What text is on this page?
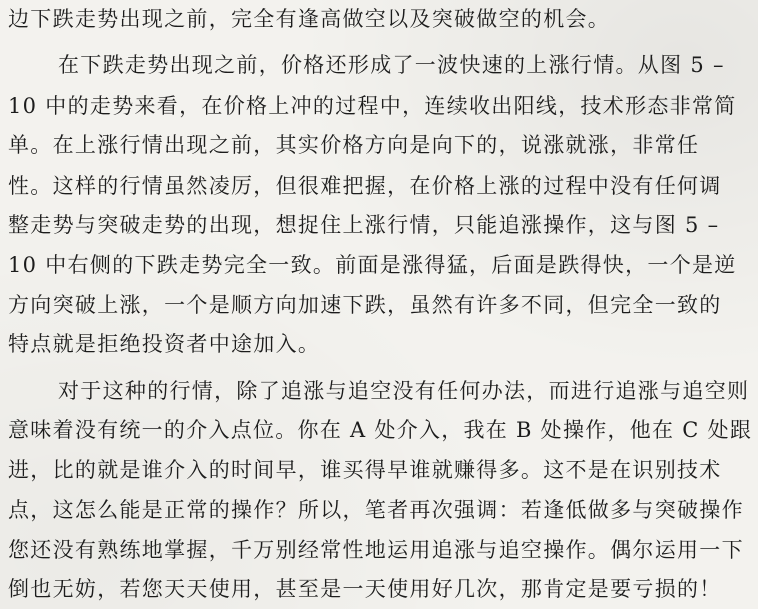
边下跌走势出现之前，完全有逢高做空以及突破做空的机会。
在下跌走势出现之前，价格还形成了一波快速的上涨行情。从图 5 –
10 中的走势来看，在价格上冲的过程中，连续收出阳线，技术形态非常简
单。在上涨行情出现之前，其实价格方向是向下的，说涨就涨，非常任
性。这样的行情虽然凌厉，但很难把握，在价格上涨的过程中没有任何调
整走势与突破走势的出现，想捉住上涨行情，只能追涨操作，这与图 5 –
10 中右侧的下跌走势完全一致。前面是涨得猛，后面是跌得快，一个是逆
方向突破上涨，一个是顺方向加速下跌，虽然有许多不同，但完全一致的
特点就是拒绝投资者中途加入。
对于这种的行情，除了追涨与追空没有任何办法，而进行追涨与追空则
意味着没有统一的介入点位。你在 A 处介入，我在 B 处操作，他在 C 处跟
进，比的就是谁介入的时间早，谁买得早谁就赚得多。这不是在识别技术
点，这怎么能是正常的操作？所以，笔者再次强调：若逢低做多与突破操作
您还没有熟练地掌握，千万别经常性地运用追涨与追空操作。偶尔运用一下
倒也无妨，若您天天使用，甚至是一天使用好几次，那肯定是要亏损的！
